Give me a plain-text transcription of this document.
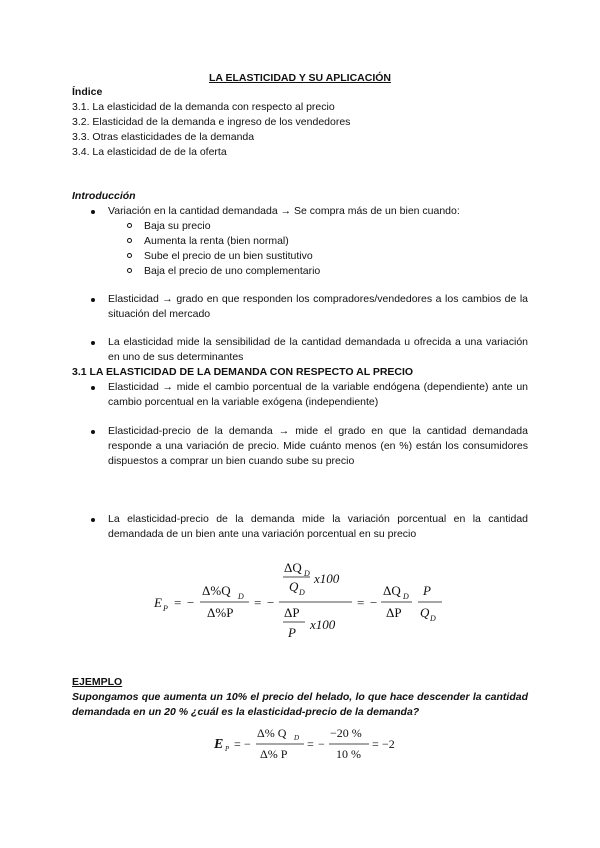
LA ELASTICIDAD Y SU APLICACIÓN
Índice
3.1. La elasticidad de la demanda con respecto al precio
3.2. Elasticidad de la demanda e ingreso de los vendedores
3.3. Otras elasticidades de la demanda
3.4. La elasticidad de de la oferta
Introducción
Variación en la cantidad demandada → Se compra más de un bien cuando:
Baja su precio
Aumenta la renta (bien normal)
Sube el precio de un bien sustitutivo
Baja el precio de uno complementario
Elasticidad → grado en que responden los compradores/vendedores a los cambios de la situación del mercado
La elasticidad mide la sensibilidad de la cantidad demandada u ofrecida a una variación en uno de sus determinantes
3.1 LA ELASTICIDAD DE LA DEMANDA CON RESPECTO AL PRECIO
Elasticidad → mide el cambio porcentual de la variable endógena (dependiente) ante un cambio porcentual en la variable exógena (independiente)
Elasticidad-precio de la demanda → mide el grado en que la cantidad demandada responde a una variación de precio. Mide cuánto menos (en %) están los consumidores dispuestos a comprar un bien cuando sube su precio
La elasticidad-precio de la demanda mide la variación porcentual en la cantidad demandada de un bien ante una variación porcentual en su precio
E P = −
Δ%Q D
Δ%P
= −
ΔQ D
Q D
x100
ΔP
P
x100
= −
ΔQ D
ΔP
P
Q D
EJEMPLO
Supongamos que aumenta un 10% el precio del helado, lo que hace descender la cantidad demandada en un 20 % ¿cuál es la elasticidad-precio de la demanda?
E P = −
Δ% Q D
Δ% P
= −
−20 %
10 %
= −2
